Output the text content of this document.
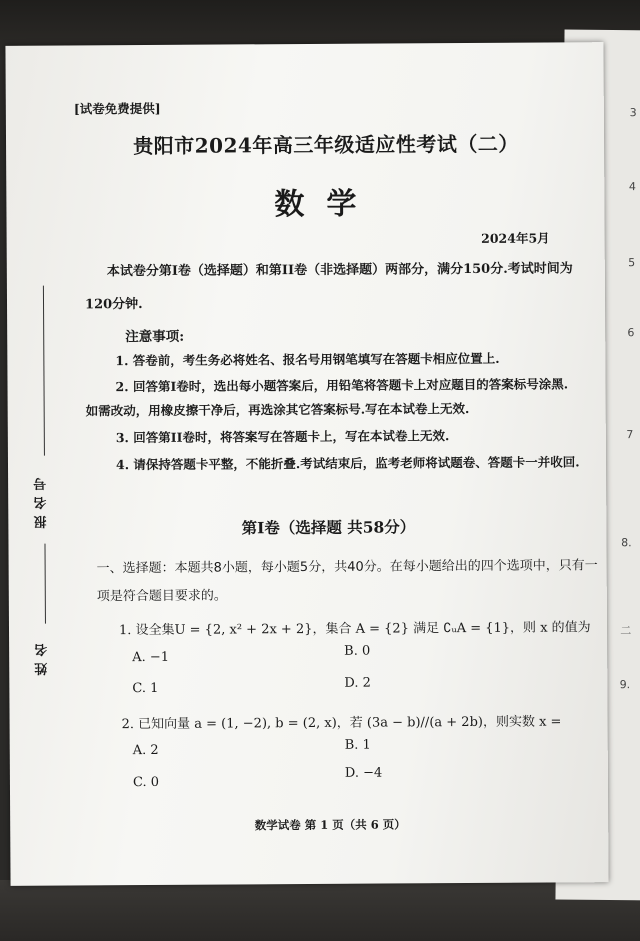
3
4
5
6
7
8.
二
9.
[试卷免费提供]
贵阳市2024年高三年级适应性考试（二）
数学
2024年5月
本试卷分第I卷（选择题）和第II卷（非选择题）两部分，满分150分.考试时间为
120分钟.
注意事项:
1. 答卷前，考生务必将姓名、报名号用钢笔填写在答题卡相应位置上.
2. 回答第I卷时，选出每小题答案后，用铅笔将答题卡上对应题目的答案标号涂黑.
如需改动，用橡皮擦干净后，再选涂其它答案标号.写在本试卷上无效.
3. 回答第II卷时，将答案写在答题卡上，写在本试卷上无效.
4. 请保持答题卡平整，不能折叠.考试结束后，监考老师将试题卷、答题卡一并收回.
第I卷（选择题 共58分）
一、选择题：本题共8小题，每小题5分，共40分。在每小题给出的四个选项中，只有一
项是符合题目要求的。
1. 设全集U = {2, x² + 2x + 2}，集合 A = {2} 满足 ∁ᵤA = {1}，则 x 的值为
A. −1	B. 0
C. 1	D. 2
2. 已知向量 a = (1, −2), b = (2, x)，若 (3a − b)//(a + 2b)，则实数 x =
A. 2	B. 1
C. 0
D. −4
数学试卷 第 1 页（共 6 页）
报名号
姓名
